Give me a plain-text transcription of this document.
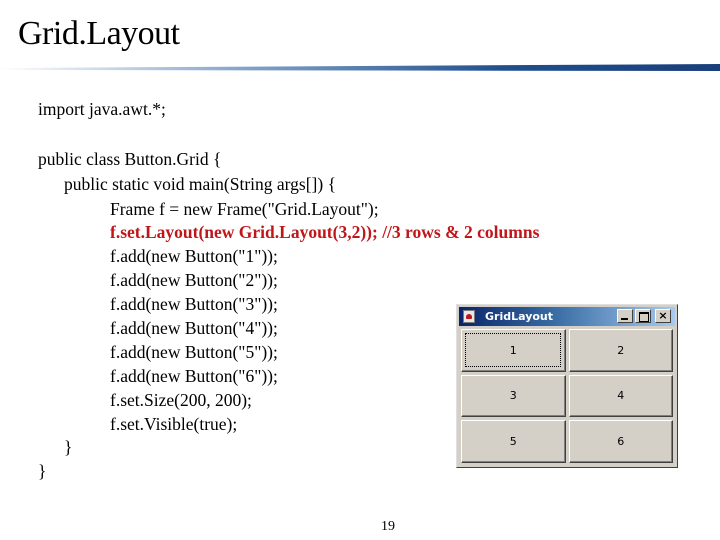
Grid.Layout
import java.awt.*;
public class Button.Grid {
public static void main(String args[]) {
Frame f = new Frame("Grid.Layout");
f.set.Layout(new Grid.Layout(3,2)); //3 rows & 2 columns
f.add(new Button("1"));
f.add(new Button("2"));
f.add(new Button("3"));
f.add(new Button("4"));
f.add(new Button("5"));
f.add(new Button("6"));
f.set.Size(200, 200);
f.set.Visible(true);
}
}
GridLayout	×
1	2
3	4
5	6
19
